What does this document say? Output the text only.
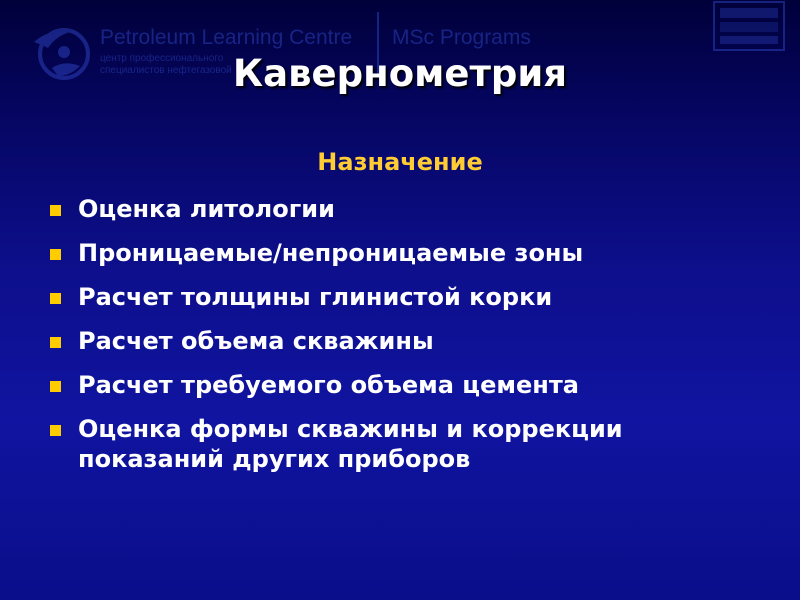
Petroleum Learning Centre
центр профессионального
специалистов нефтегазовой
MSc Programs
Кавернометрия
Назначение
Оценка литологии
Проницаемые/непроницаемые зоны
Расчет толщины глинистой корки
Расчет объема скважины
Расчет требуемого объема цемента
Оценка формы скважины и коррекции показаний других приборов
